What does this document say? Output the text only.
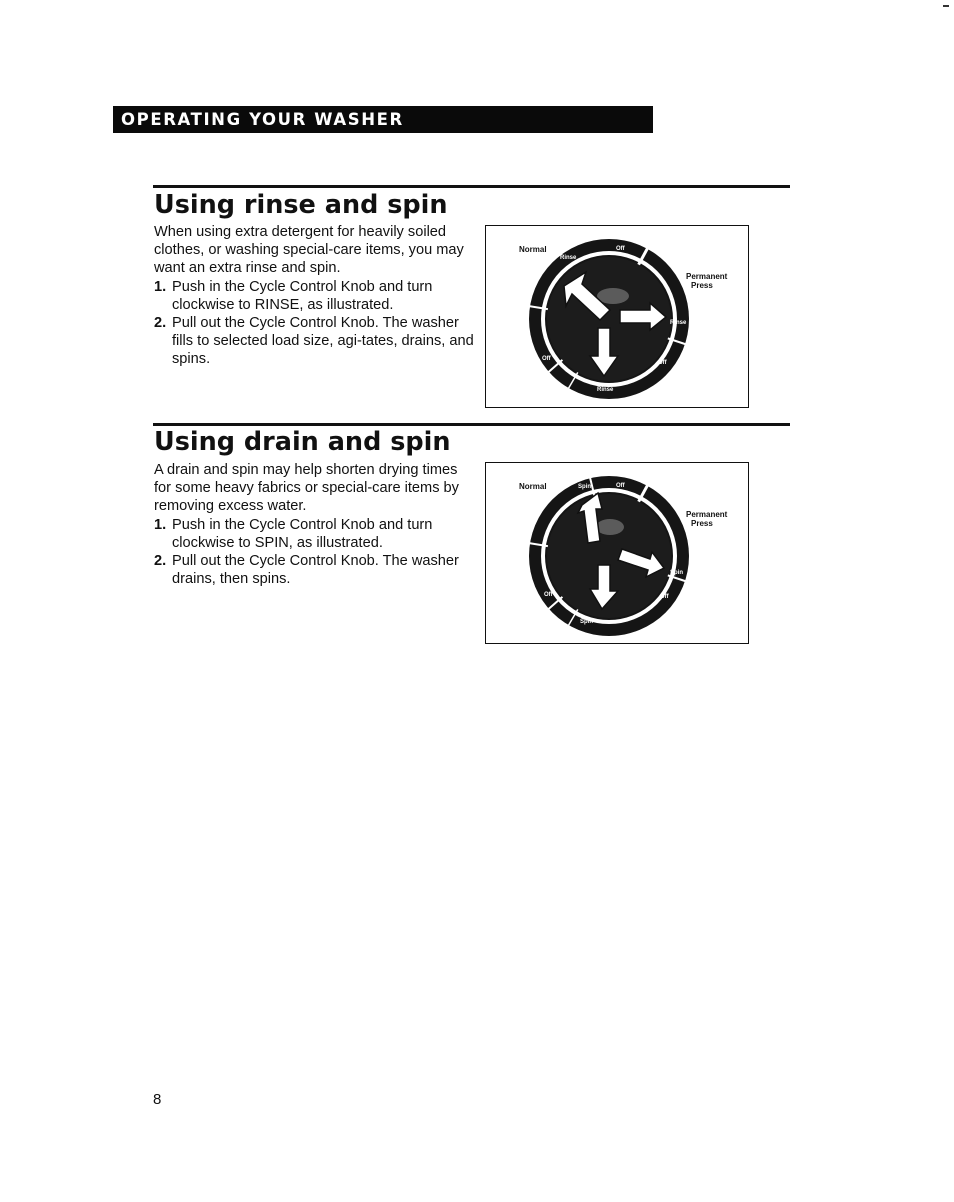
OPERATING YOUR WASHER
Using rinse and spin

When using extra detergent for heavily soiled clothes, or washing special-care items, you may want an extra rinse and spin.

1. Push in the Cycle Control Knob and turn clockwise to RINSE, as illustrated.
2. Pull out the Cycle Control Knob. The washer fills to selected load size, agi-tates, drains, and spins.
Normal
Permanent
Press
Rinse
Off
Rinse
Off
Off
Rinse
Using drain and spin

A drain and spin may help shorten drying times for some heavy fabrics or special-care items by removing excess water.

1. Push in the Cycle Control Knob and turn clockwise to SPIN, as illustrated.
2. Pull out the Cycle Control Knob. The washer drains, then spins.
Normal
Permanent
Press
Spin	Off
Spin
Off	Off
Spin
8
